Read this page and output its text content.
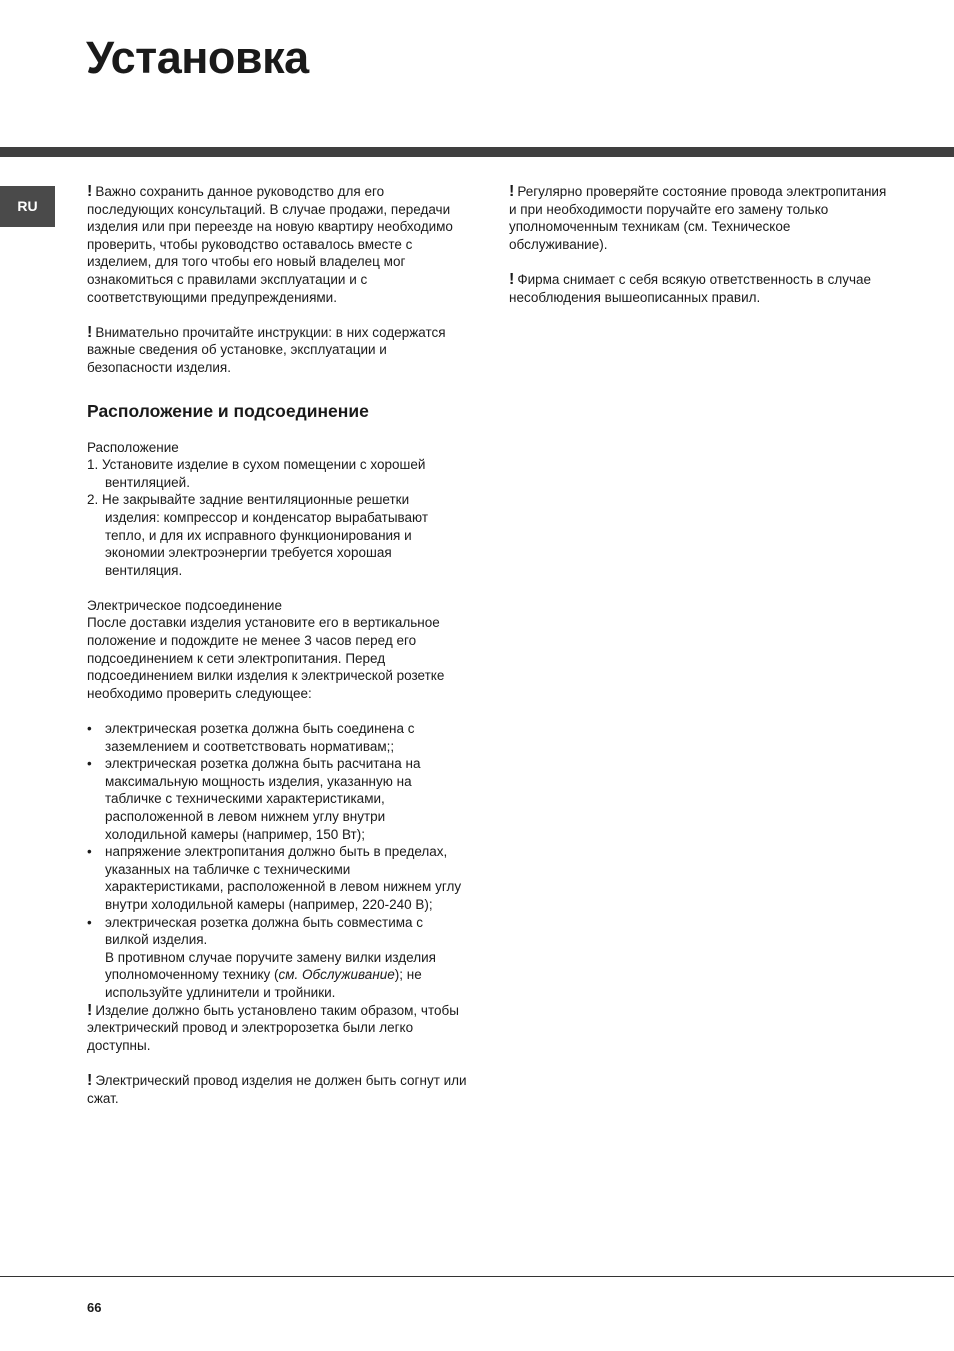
Установка
RU

! Важно сохранить данное руководство для его последующих консультаций. В случае продажи, передачи изделия или при переезде на новую квартиру необходимо проверить, чтобы руководство оставалось вместе с изделием, для того чтобы его новый владелец мог ознакомиться с правилами эксплуатации и с соответствующими предупреждениями.

! Внимательно прочитайте инструкции: в них содержатся важные сведения об установке, эксплуатации и безопасности изделия.

Расположение и подсоединение

Расположение

1. Установите изделие в сухом помещении с хорошей вентиляцией.
2. Не закрывайте задние вентиляционные решетки изделия: компрессор и конденсатор вырабатывают тепло, и для их исправного функционирования и экономии электроэнергии требуется хорошая вентиляция.

Электрическое подсоединение

После доставки изделия установите его в вертикальное положение и подождите не менее 3 часов перед его подсоединением к сети электропитания. Перед подсоединением вилки изделия к электрической розетке необходимо проверить следующее:

• электрическая розетка должна быть соединена с заземлением и соответствовать нормативам;;
• электрическая розетка должна быть расчитана на максимальную мощность изделия, указанную на табличке с техническими характеристиками, расположенной в левом нижнем углу внутри холодильной камеры (например, 150 Вт);
• напряжение электропитания должно быть в пределах, указанных на табличке с техническими характеристиками, расположенной в левом нижнем углу внутри холодильной камеры (например, 220-240 В);
• электрическая розетка должна быть совместима с вилкой изделия.
В противном случае поручите замену вилки изделия уполномоченному технику (см. Обслуживание); не используйте удлинители и тройники.

! Изделие должно быть установлено таким образом, чтобы электрический провод и электророзетка были легко доступны.

! Электрический провод изделия не должен быть согнут или сжат.

! Регулярно проверяйте состояние провода электропитания и при необходимости поручайте его замену только уполномоченным техникам (см. Техническое обслуживание).

! Фирма снимает с себя всякую ответственность в случае несоблюдения вышеописанных правил.

66
